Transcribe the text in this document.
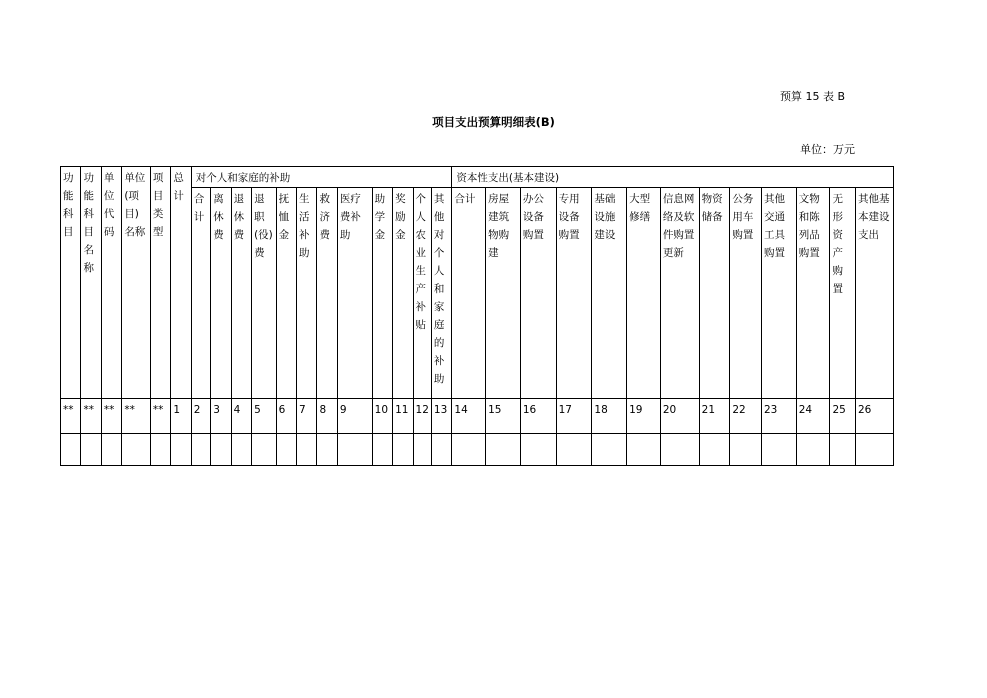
预算 15 表 B
项目支出预算明细表(B)
单位：万元
功能科目	功能科目名称	单位代码	单位(项目)名称	项目类型	总计	对个人和家庭的补助												资本性支出(基本建设)												
						合计	离休费	退休费	退职(役)费	抚恤金	生活补助	救济费	医疗费补助	助学金	奖励金	个人农业生产补贴	其他对个人和家庭的补助	合计	房屋建筑物购建	办公设备购置	专用设备购置	基础设施建设	大型修缮	信息网络及软件购置更新	物资储备	公务用车购置	其他交通工具购置	文物和陈列品购置	无形资产购置	其他基本建设支出
**	**	**	**	**	1	2	3	4	5	6	7	8	9	10	11	12	13	14	15	16	17	18	19	20	21	22	23	24	25	26
